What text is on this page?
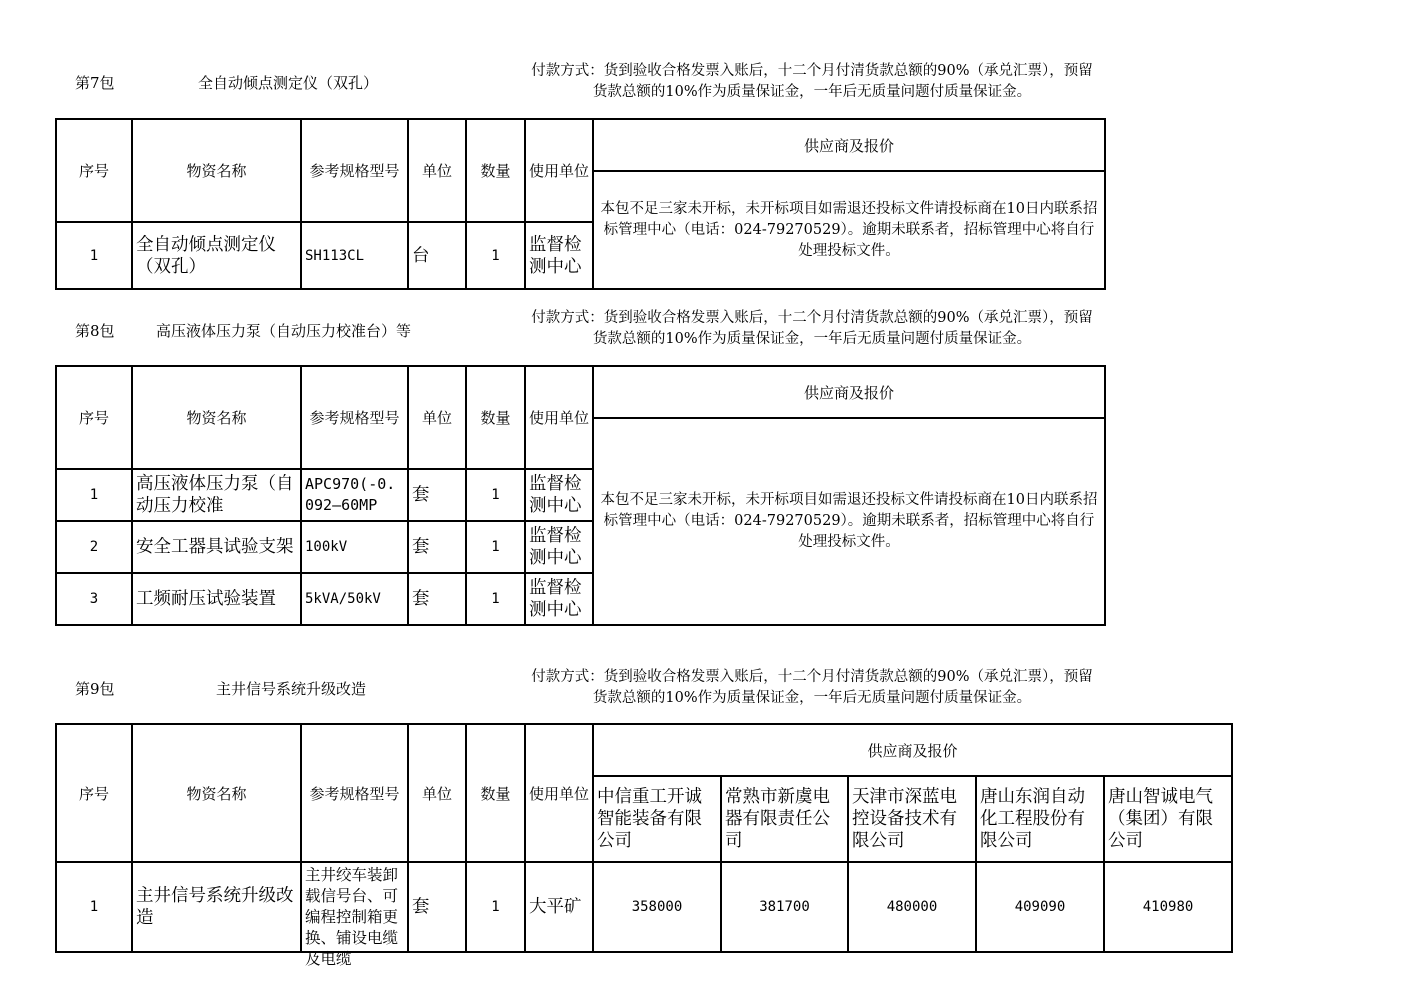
第7包	全自动倾点测定仪（双孔）
付款方式：货到验收合格发票入账后，十二个月付清货款总额的90%（承兑汇票），预留货款总额的10%作为质量保证金，一年后无质量问题付质量保证金。
序号	物资名称	参考规格型号	单位	数量	使用单位	供应商及报价
						本包不足三家未开标，未开标项目如需退还投标文件请投标商在10日内联系招标管理中心（电话：024-79270529）。逾期未联系者，招标管理中心将自行处理投标文件。
1	全自动倾点测定仪（双孔）	SH113CL	台	1	监督检测中心	
第8包	高压液体压力泵（自动压力校准台）等
付款方式：货到验收合格发票入账后，十二个月付清货款总额的90%（承兑汇票），预留货款总额的10%作为质量保证金，一年后无质量问题付质量保证金。
序号	物资名称	参考规格型号	单位	数量	使用单位	供应商及报价
						本包不足三家未开标，未开标项目如需退还投标文件请投标商在10日内联系招标管理中心（电话：024-79270529）。逾期未联系者，招标管理中心将自行处理投标文件。
1	高压液体压力泵（自动压力校准	APC970(-0.092—60MP	套	1	监督检测中心	
2	安全工器具试验支架	100kV	套	1	监督检测中心	
3	工频耐压试验装置	5kVA/50kV	套	1	监督检测中心	
第9包	主井信号系统升级改造
付款方式：货到验收合格发票入账后，十二个月付清货款总额的90%（承兑汇票），预留货款总额的10%作为质量保证金，一年后无质量问题付质量保证金。
序号	物资名称	参考规格型号	单位	数量	使用单位	供应商及报价				
						中信重工开诚智能装备有限公司	常熟市新虞电器有限责任公司	天津市深蓝电控设备技术有限公司	唐山东润自动化工程股份有限公司	唐山智诚电气（集团）有限公司
1	主井信号系统升级改造	主井绞车装卸载信号台、可编程控制箱更换、铺设电缆及电缆	套	1	大平矿	358000	381700	480000	409090	410980
